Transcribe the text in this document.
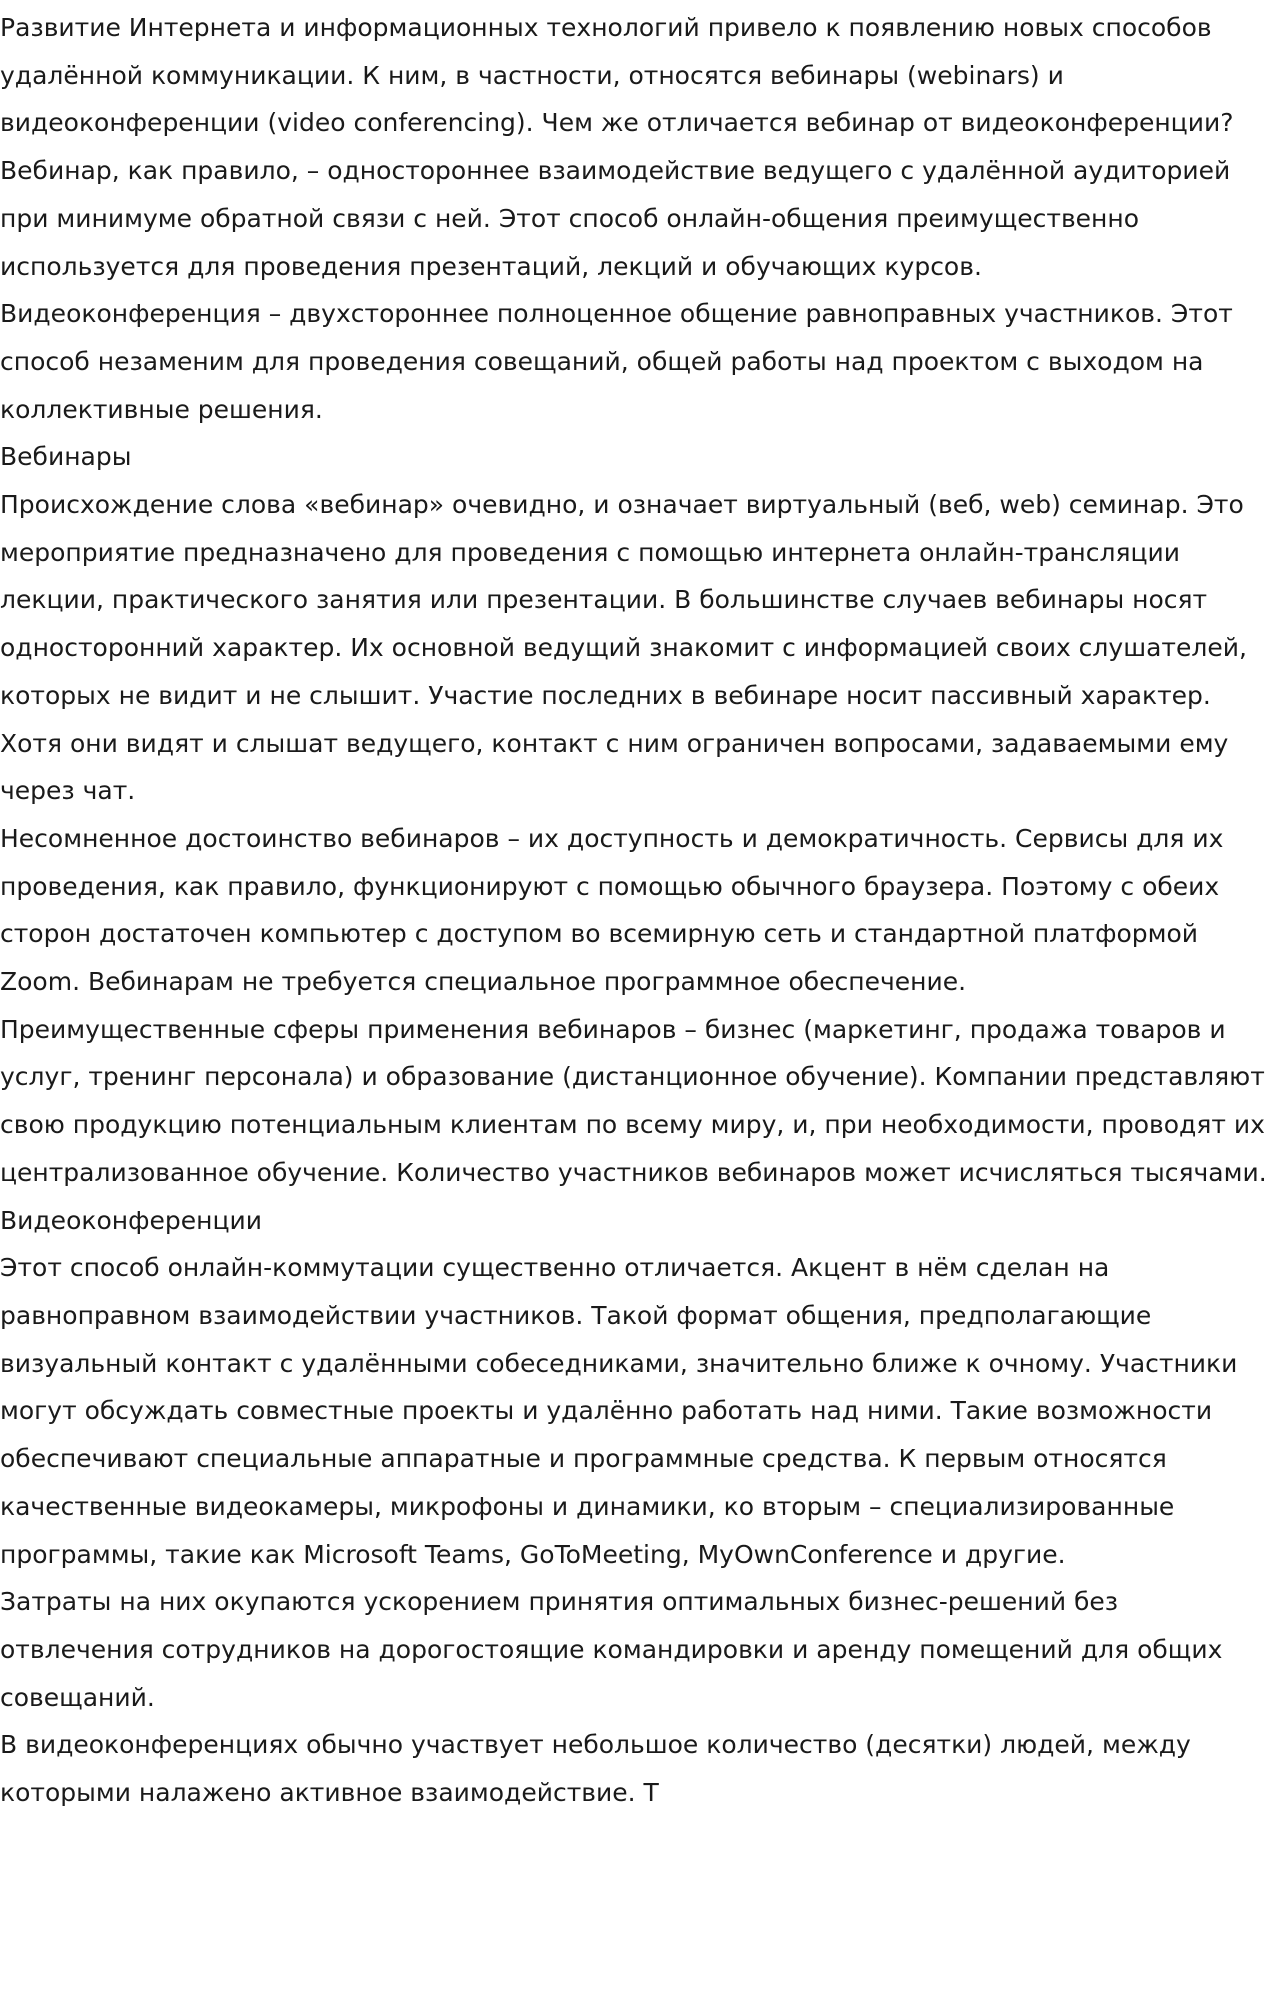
Развитие Интернета и информационных технологий привело к появлению новых способов удалённой коммуникации. К ним, в частности, относятся вебинары (webinars) и видеоконференции (video conferencing). Чем же отличается вебинар от видеоконференции?

Вебинар, как правило, – одностороннее взаимодействие ведущего с удалённой аудиторией при минимуме обратной связи с ней. Этот способ онлайн-общения преимущественно используется для проведения презентаций, лекций и обучающих курсов.

Видеоконференция – двухстороннее полноценное общение равноправных участников. Этот способ незаменим для проведения совещаний, общей работы над проектом с выходом на коллективные решения.

Вебинары

Происхождение слова «вебинар» очевидно, и означает виртуальный (веб, web) семинар. Это мероприятие предназначено для проведения с помощью интернета онлайн-трансляции лекции, практического занятия или презентации. В большинстве случаев вебинары носят односторонний характер. Их основной ведущий знакомит с информацией своих слушателей, которых не видит и не слышит. Участие последних в вебинаре носит пассивный характер. Хотя они видят и слышат ведущего, контакт с ним ограничен вопросами, задаваемыми ему через чат.

Несомненное достоинство вебинаров – их доступность и демократичность. Сервисы для их проведения, как правило, функционируют с помощью обычного браузера. Поэтому с обеих сторон достаточен компьютер с доступом во всемирную сеть и стандартной платформой Zoom. Вебинарам не требуется специальное программное обеспечение.

Преимущественные сферы применения вебинаров – бизнес (маркетинг, продажа товаров и услуг, тренинг персонала) и образование (дистанционное обучение). Компании представляют свою продукцию потенциальным клиентам по всему миру, и, при необходимости, проводят их централизованное обучение. Количество участников вебинаров может исчисляться тысячами.

Видеоконференции

Этот способ онлайн-коммутации существенно отличается. Акцент в нём сделан на равноправном взаимодействии участников. Такой формат общения, предполагающие визуальный контакт с удалёнными собеседниками, значительно ближе к очному. Участники могут обсуждать совместные проекты и удалённо работать над ними. Такие возможности обеспечивают специальные аппаратные и программные средства. К первым относятся качественные видеокамеры, микрофоны и динамики, ко вторым – специализированные программы, такие как Microsoft Teams, GoToMeeting, MyOwnConference и другие.

Затраты на них окупаются ускорением принятия оптимальных бизнес-решений без отвлечения сотрудников на дорогостоящие командировки и аренду помещений для общих совещаний.

В видеоконференциях обычно участвует небольшое количество (десятки) людей, между которыми налажено активное взаимодействие. Т
